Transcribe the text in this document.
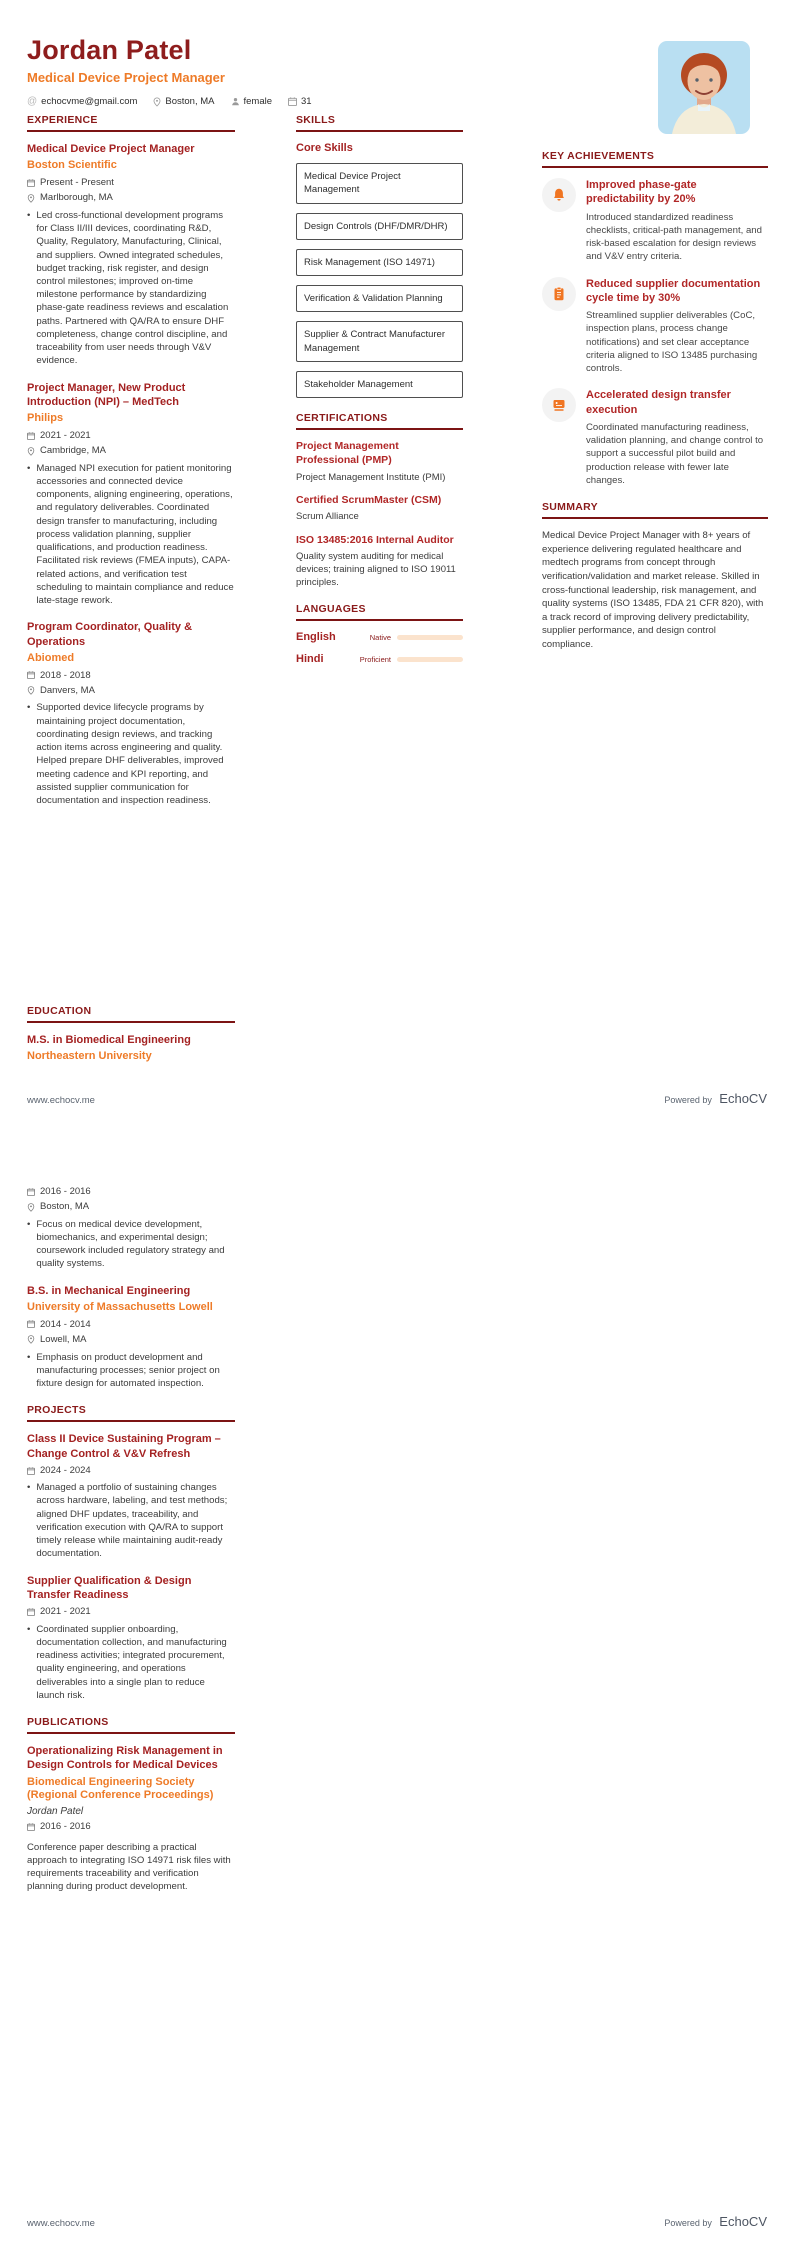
Jordan Patel
Medical Device Project Manager
@ echocvme@gmail.com	Boston, MA	female	31
EXPERIENCE
Medical Device Project Manager
Boston Scientific
Present - Present
Marlborough, MA
• Led cross-functional development programs for Class II/III devices, coordinating R&D, Quality, Regulatory, Manufacturing, Clinical, and suppliers. Owned integrated schedules, budget tracking, risk register, and design control milestones; improved on-time milestone performance by standardizing phase-gate readiness reviews and escalation paths. Partnered with QA/RA to ensure DHF completeness, change control discipline, and traceability from user needs through V&V evidence.
Project Manager, New Product Introduction (NPI) – MedTech
Philips
2021 - 2021
Cambridge, MA
• Managed NPI execution for patient monitoring accessories and connected device components, aligning engineering, operations, and regulatory deliverables. Coordinated design transfer to manufacturing, including process validation planning, supplier qualifications, and production readiness. Facilitated risk reviews (FMEA inputs), CAPA-related actions, and verification test scheduling to maintain compliance and reduce late-stage rework.
Program Coordinator, Quality & Operations
Abiomed
2018 - 2018
Danvers, MA
• Supported device lifecycle programs by maintaining project documentation, coordinating design reviews, and tracking action items across engineering and quality. Helped prepare DHF deliverables, improved meeting cadence and KPI reporting, and assisted supplier communication for documentation and inspection readiness.
EDUCATION
M.S. in Biomedical Engineering
Northeastern University
SKILLS
Core Skills
Medical Device Project Management
Design Controls (DHF/DMR/DHR)
Risk Management (ISO 14971)
Verification & Validation Planning
Supplier & Contract Manufacturer Management
Stakeholder Management
CERTIFICATIONS
Project Management Professional (PMP)
Project Management Institute (PMI)
Certified ScrumMaster (CSM)
Scrum Alliance
ISO 13485:2016 Internal Auditor
Quality system auditing for medical devices; training aligned to ISO 19011 principles.
LANGUAGES
English	Native
Hindi	Proficient
KEY ACHIEVEMENTS
Improved phase-gate predictability by 20%
Introduced standardized readiness checklists, critical-path management, and risk-based escalation for design reviews and V&V entry criteria.
Reduced supplier documentation cycle time by 30%
Streamlined supplier deliverables (CoC, inspection plans, process change notifications) and set clear acceptance criteria aligned to ISO 13485 purchasing controls.
Accelerated design transfer execution
Coordinated manufacturing readiness, validation planning, and change control to support a successful pilot build and production release with fewer late changes.
SUMMARY
Medical Device Project Manager with 8+ years of experience delivering regulated healthcare and medtech programs from concept through verification/validation and market release. Skilled in cross-functional leadership, risk management, and quality systems (ISO 13485, FDA 21 CFR 820), with a track record of improving delivery predictability, supplier performance, and design control compliance.
www.echocv.me	Powered by EchoCV
2016 - 2016
Boston, MA
• Focus on medical device development, biomechanics, and experimental design; coursework included regulatory strategy and quality systems.
B.S. in Mechanical Engineering
University of Massachusetts Lowell
2014 - 2014
Lowell, MA
• Emphasis on product development and manufacturing processes; senior project on fixture design for automated inspection.
PROJECTS
Class II Device Sustaining Program – Change Control & V&V Refresh
2024 - 2024
• Managed a portfolio of sustaining changes across hardware, labeling, and test methods; aligned DHF updates, traceability, and verification execution with QA/RA to support timely release while maintaining audit-ready documentation.
Supplier Qualification & Design Transfer Readiness
2021 - 2021
• Coordinated supplier onboarding, documentation collection, and manufacturing readiness activities; integrated procurement, quality engineering, and operations deliverables into a single plan to reduce launch risk.
PUBLICATIONS
Operationalizing Risk Management in Design Controls for Medical Devices
Biomedical Engineering Society (Regional Conference Proceedings)
Jordan Patel
2016 - 2016
Conference paper describing a practical approach to integrating ISO 14971 risk files with requirements traceability and verification planning during product development.
www.echocv.me	Powered by EchoCV
